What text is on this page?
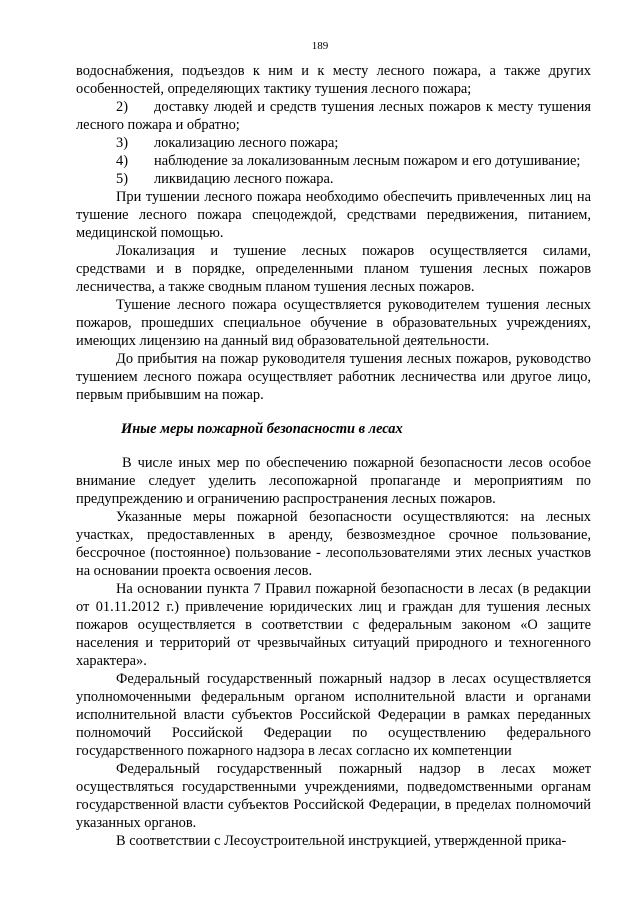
189

водоснабжения, подъездов к ним и к месту лесного пожара, а также других особенностей, определяющих тактику тушения лесного пожара;

2) доставку людей и средств тушения лесных пожаров к месту тушения лесного пожара и обратно;

3) локализацию лесного пожара;

4) наблюдение за локализованным лесным пожаром и его дотушивание;

5) ликвидацию лесного пожара.

При тушении лесного пожара необходимо обеспечить привлеченных лиц на тушение лесного пожара спецодеждой, средствами передвижения, питанием, медицинской помощью.

Локализация и тушение лесных пожаров осуществляется силами, средствами и в порядке, определенными планом тушения лесных пожаров лесничества, а также сводным планом тушения лесных пожаров.

Тушение лесного пожара осуществляется руководителем тушения лесных пожаров, прошедших специальное обучение в образовательных учреждениях, имеющих лицензию на данный вид образовательной деятельности.

До прибытия на пожар руководителя тушения лесных пожаров, руководство тушением лесного пожара осуществляет работник лесничества или другое лицо, первым прибывшим на пожар.

Иные меры пожарной безопасности в лесах

В числе иных мер по обеспечению пожарной безопасности лесов особое внимание следует уделить лесопожарной пропаганде и мероприятиям по предупреждению и ограничению распространения лесных пожаров.

Указанные меры пожарной безопасности осуществляются: на лесных участках, предоставленных в аренду, безвозмездное срочное пользование, бессрочное (постоянное) пользование - лесопользователями этих лесных участков на основании проекта освоения лесов.

На основании пункта 7 Правил пожарной безопасности в лесах (в редакции от 01.11.2012 г.) привлечение юридических лиц и граждан для тушения лесных пожаров осуществляется в соответствии с федеральным законом «О защите населения и территорий от чрезвычайных ситуаций природного и техногенного характера».

Федеральный государственный пожарный надзор в лесах осуществляется уполномоченными федеральным органом исполнительной власти и органами исполнительной власти субъектов Российской Федерации в рамках переданных полномочий Российской Федерации по осуществлению федерального государственного пожарного надзора в лесах согласно их компетенции

Федеральный государственный пожарный надзор в лесах может осуществляться государственными учреждениями, подведомственными органам государственной власти субъектов Российской Федерации, в пределах полномочий указанных органов.

В соответствии с Лесоустроительной инструкцией, утвержденной прика-
